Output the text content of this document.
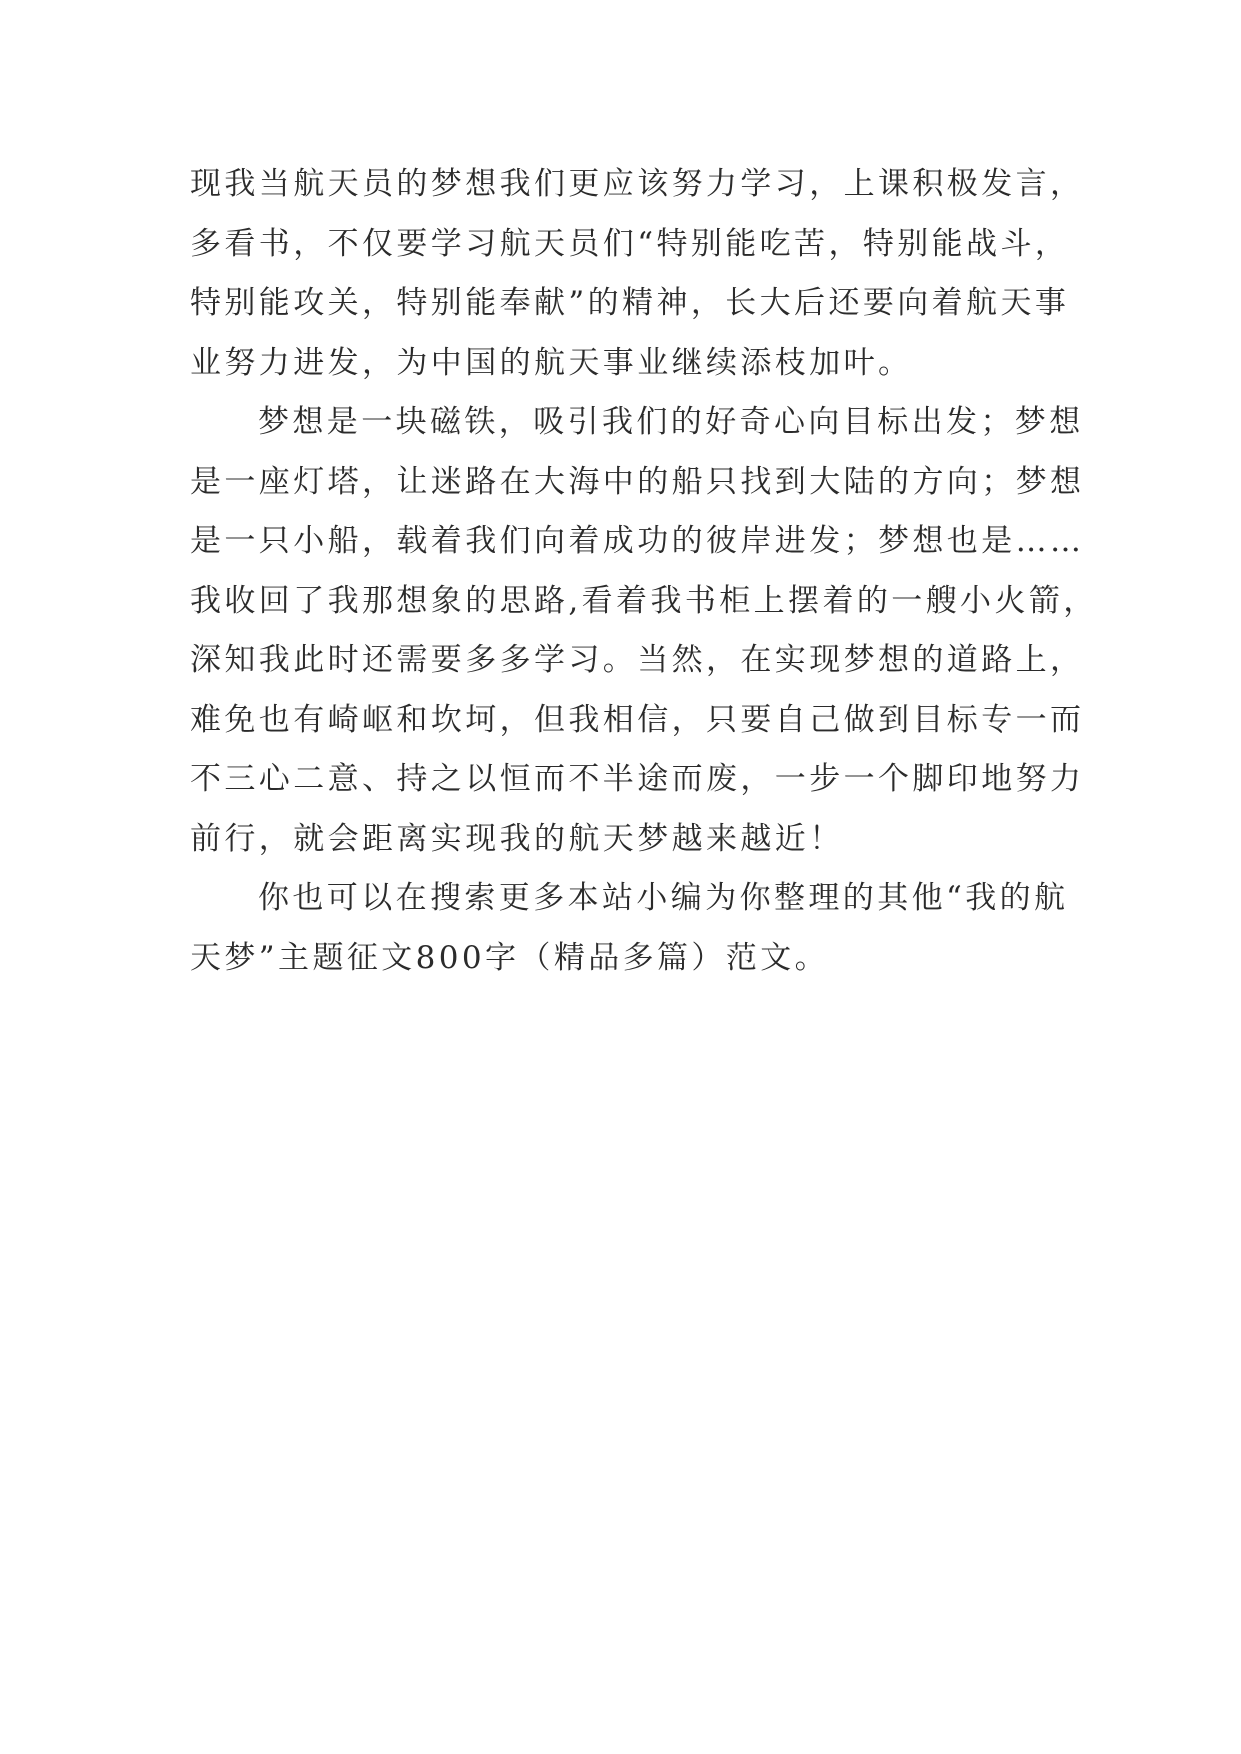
现我当航天员的梦想我们更应该努力学习，上课积极发言，
多看书，不仅要学习航天员们“特别能吃苦，特别能战斗，
特别能攻关，特别能奉献”的精神，长大后还要向着航天事
业努力进发，为中国的航天事业继续添枝加叶。
梦想是一块磁铁，吸引我们的好奇心向目标出发；梦想
是一座灯塔，让迷路在大海中的船只找到大陆的方向；梦想
是一只小船，载着我们向着成功的彼岸进发；梦想也是……
我收回了我那想象的思路,看着我书柜上摆着的一艘小火箭，
深知我此时还需要多多学习。当然，在实现梦想的道路上，
难免也有崎岖和坎坷，但我相信，只要自己做到目标专一而
不三心二意、持之以恒而不半途而废，一步一个脚印地努力
前行，就会距离实现我的航天梦越来越近！
你也可以在搜索更多本站小编为你整理的其他“我的航
天梦”主题征文800字（精品多篇）范文。
